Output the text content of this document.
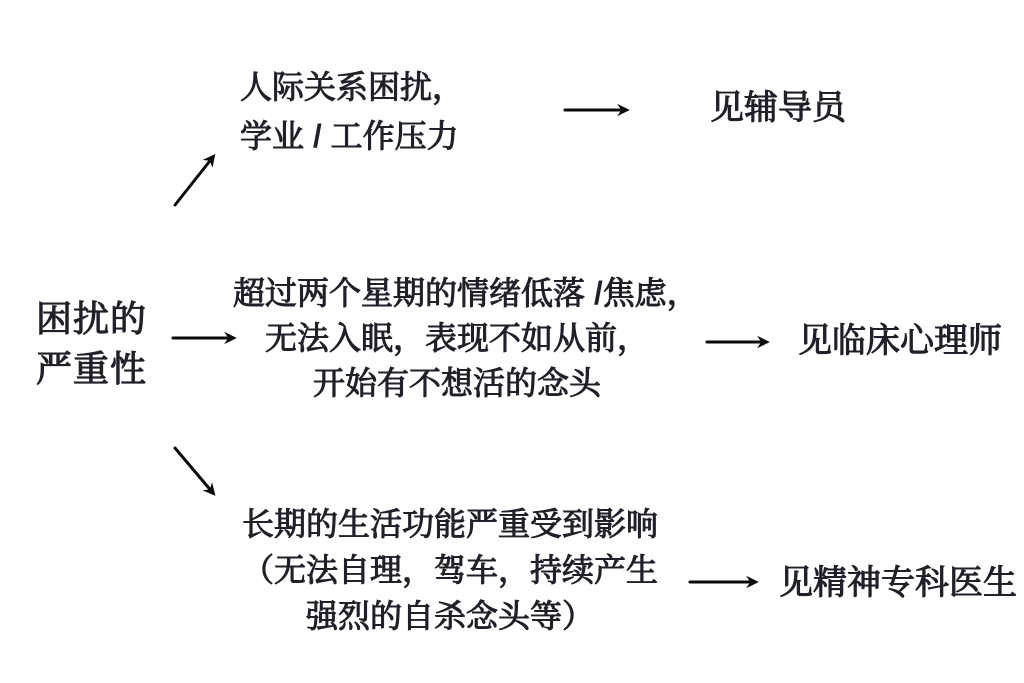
困扰的
严重性
人际关系困扰，
学业 / 工作压力
见辅导员
超过两个星期的情绪低落 /焦虑，
无法入眠，表现不如从前，
开始有不想活的念头
见临床心理师
长期的生活功能严重受到影响
（无法自理，驾车，持续产生
强烈的自杀念头等）
见精神专科医生
